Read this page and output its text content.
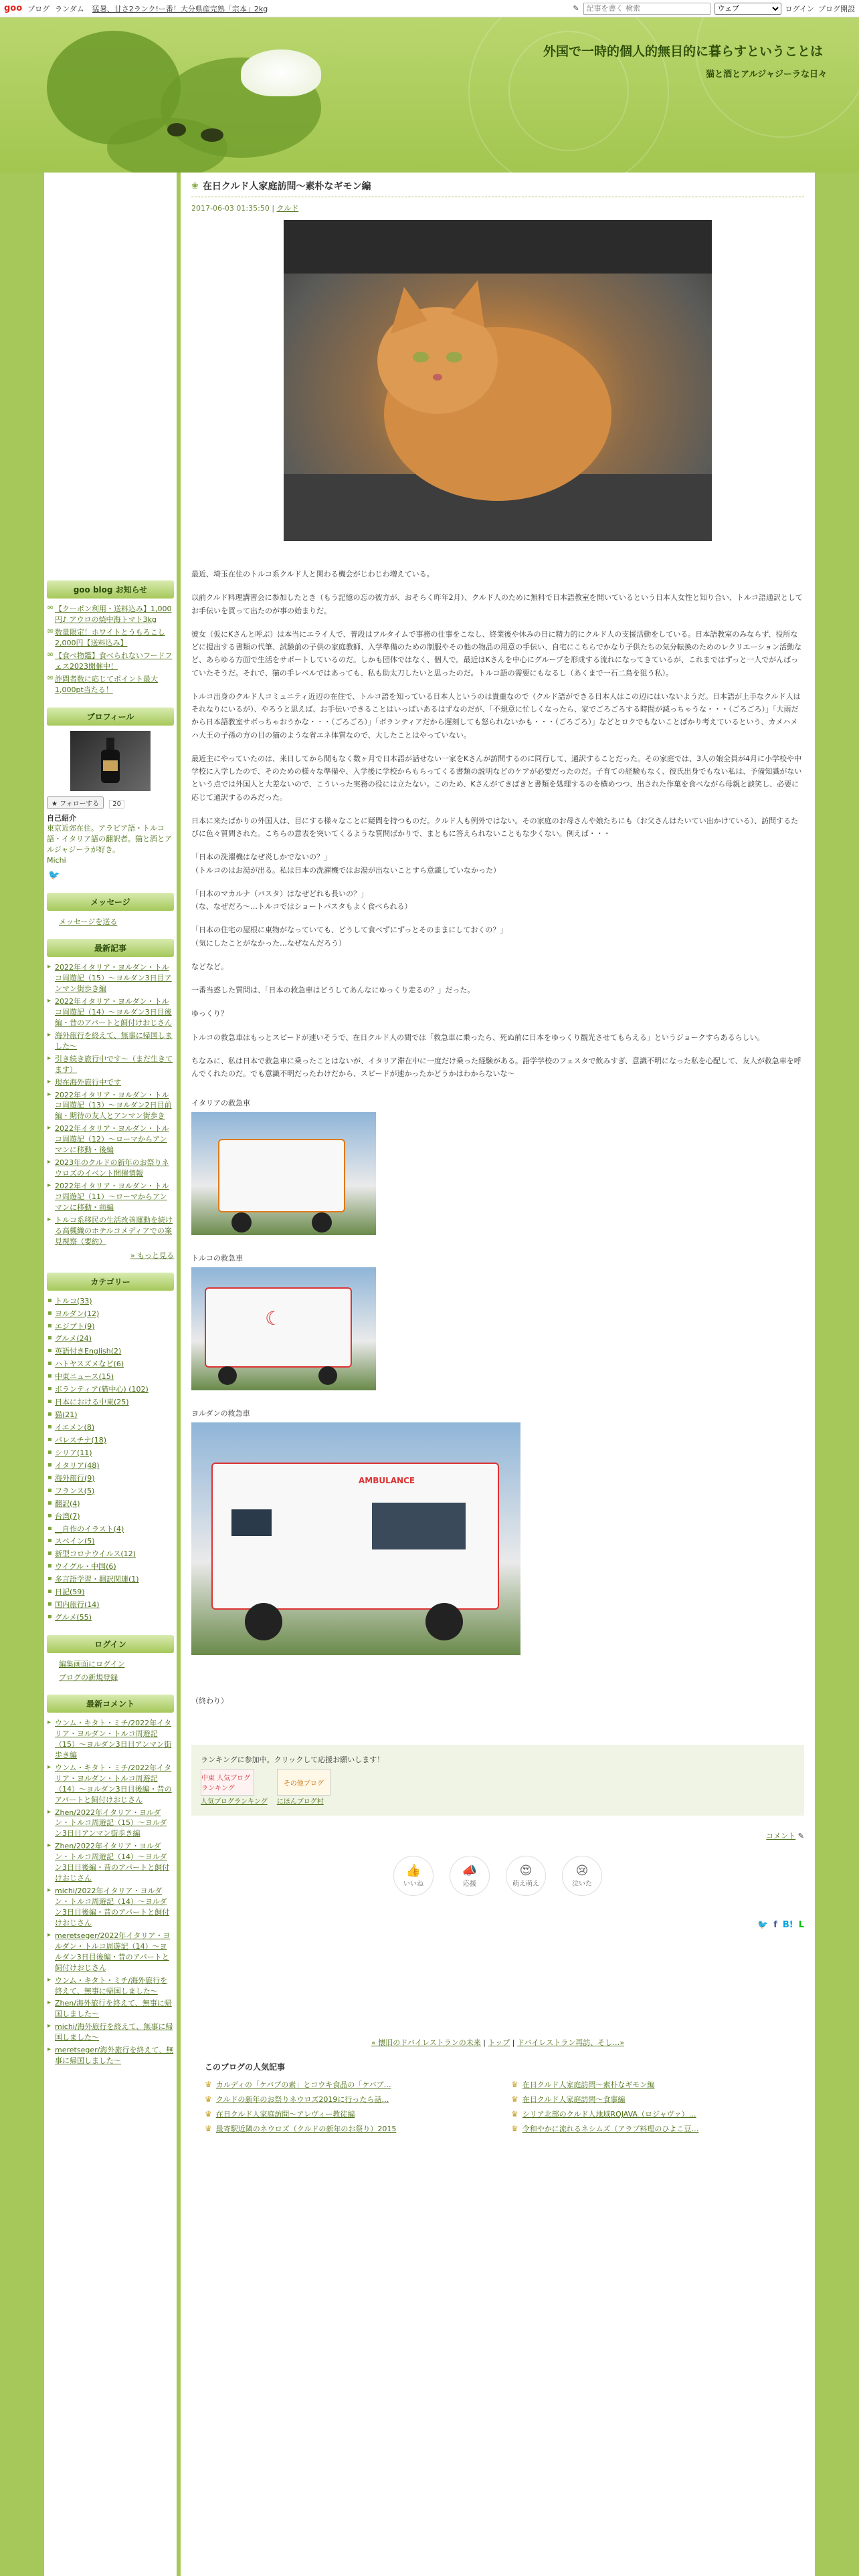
goo ブログ ランダム 猛暑、甘さ2ランク!ー番！大分県産完熟「宗本」2kg	✎
記事を書く 検索
ウェブ	ログイン ブログ開設
外国で一時的個人的無目的に暮らすということは
猫と酒とアルジャジーラな日々
goo blog お知らせ
✉ 【クーポン利用・送料込み】1,000円♪ アウロの焼中海トマト3kg
✉ 数量限定！ホワイトとうもろこし2,000円【送料込み】
✉ 【食べ物鑑】食べられないフードフェス2023開催中！
✉ 詐問者数に応じてポイント最大1,000pt当たる！
プロフィール
★ フォローする 20
自己紹介
東京近郊在住。アラビア語・トルコ語・イタリア語の翻訳者。猫と酒とアルジャジーラが好き。
Michi
🐦
メッセージ
メッセージを送る
最新記事
▸ 2022年イタリア・ヨルダン・トルコ周遊記（15）〜ヨルダン3日目アンマン街歩き編
▸ 2022年イタリア・ヨルダン・トルコ周遊記（14）〜ヨルダン3日目後編・昔のアパートと飼付けおじさん
▸ 海外旅行を終えて、無事に帰国しました〜
▸ 引き続き旅行中です〜（まだ生きてます）
▸ 現在海外旅行中です
▸ 2022年イタリア・ヨルダン・トルコ周遊記（13）〜ヨルダン2日目前編・期待の友人とアンマン街歩き
▸ 2022年イタリア・ヨルダン・トルコ周遊記（12）〜ローマからアンマンに移動・後編
▸ 2023年のクルドの新年のお祭りネウロズのイベント開催情報
▸ 2022年イタリア・ヨルダン・トルコ周遊記（11）〜ローマからアンマンに移動・前編
▸ トルコ系移民の生活改善運動を続ける高槻織のホテルコメディアでの案見視察（要約）
» もっと見る
カテゴリー
▪ トルコ(33)
▪ ヨルダン(12)
▪ エジプト(9)
▪ グルメ(24)
▪ 英語付きEnglish(2)
▪ ハトヤスズメなど(6)
▪ 中東ニュース(15)
▪ ボランティア(猫中心) (102)
▪ 日本における中東(25)
▪ 猫(21)
▪ イエメン(8)
▪ パレスチナ(18)
▪ シリア(11)
▪ イタリア(48)
▪ 海外旅行(9)
▪ フランス(5)
▪ 翻訳(4)
▪ 台湾(7)
▪ __自作のイラスト(4)
▪ スペイン(5)
▪ 新型コロナウイルス(12)
▪ ウイグル・中国(6)
▪ 多言語学習・翻訳関連(1)
▪ 日記(59)
▪ 国内旅行(14)
▪ グルメ(55)
ログイン
編集画面にログイン
ブログの新規登録
最新コメント
▸ ウンム・キタト・ミチ/2022年イタリア・ヨルダン・トルコ周遊記（15）〜ヨルダン3日目アンマン街歩き編
▸ ウンム・キタト・ミチ/2022年イタリア・ヨルダン・トルコ周遊記（14）〜ヨルダン3日目後編・昔のアパートと飼付けおじさん
▸ Zhen/2022年イタリア・ヨルダン・トルコ周遊記（15）〜ヨルダン3日目アンマン街歩き編
▸ Zhen/2022年イタリア・ヨルダン・トルコ周遊記（14）〜ヨルダン3日目後編・昔のアパートと飼付けおじさん
▸ michi/2022年イタリア・ヨルダン・トルコ周遊記（14）〜ヨルダン3日目後編・昔のアパートと飼付けおじさん
▸ meretseger/2022年イタリア・ヨルダン・トルコ周遊記（14）〜ヨルダン3日目後編・昔のアパートと飼付けおじさん
▸ ウンム・キタト・ミチ/海外旅行を終えて、無事に帰国しました〜
▸ Zhen/海外旅行を終えて、無事に帰国しました〜
▸ michi/海外旅行を終えて、無事に帰国しました〜
▸ meretseger/海外旅行を終えて、無事に帰国しました〜
❀ 在日クルド人家庭訪問〜素朴なギモン編
2017-06-03 01:35:50 | クルド

最近、埼玉在住のトルコ系クルド人と関わる機会がじわじわ増えている。

以前クルド料理講習会に参加したとき（もう記憶の忘の彼方が、おそらく昨年2月）、クルド人のために無料で日本語教室を開いているという日本人女性と知り合い、トルコ語通訳としてお手伝いを買って出たのが事の始まりだ。

彼女（仮にKさんと呼ぶ）は本当にエライ人で、普段はフルタイムで事務の仕事をこなし、終業後や休みの日に精力的にクルド人の支援活動をしている。日本語教室のみならず、役所などに提出する書類の代筆、試験前の子供の家庭教師、入学準備のための制服やその他の物品の用意の手伝い、自宅にこちらでかなり子供たちの気分転換のためのレクリエーション活動など、あらゆる方面で生活をサポートしているのだ。しかも団体ではなく、個人で。最近はKさんを中心にグループを形成する流れになってきているが、これまではずっと一人でがんばっていたそうだ。それで、猫の手レベルではあっても、私も助太刀したいと思ったのだ。トルコ語の需要にもなるし（あくまで一石二鳥を狙う私）。

トルコ出身のクルド人コミュニティ近辺の在住で、トルコ語を知っている日本人というのは貴重なので（クルド語ができる日本人はこの辺にはいないようだ。日本語が上手なクルド人はそれなりにいるが）、やろうと思えば、お手伝いできることはいっぱいあるはずなのだが、「不規意に忙しくなったら、家でごろごろする時間が減っちゃうな・・・（ごろごろ）」「大雨だから日本語教室サボっちゃおうかな・・・（ごろごろ）」「ボランティアだから遅刻しても怒られないかも・・・（ごろごろ）」などとロクでもないことばかり考えているという、カメハメハ大王の子孫の方の目の猫のような省エネ体質なので、大したことはやっていない。

最近主にやっていたのは、来日してから間もなく数ヶ月で日本語が話せない一家をKさんが訪問するのに同行して、通訳することだった。その家庭では、3人の娘全員が4月に小学校や中学校に入学したので、そのための様々な準備や、入学後に学校からもらってくる書類の説明などのケアが必要だったのだ。子育ての経験もなく、彼氏出身でもない私は、予備知識がないという点では外国人と大差ないので、こういった実務の役には立たない。このため、Kさんがてきぱきと書類を処理するのを横めつつ、出された作菓を食べながら母親と談笑し、必要に応じて通訳するのみだった。

日本に来たばかりの外国人は、目にする様々なことに疑問を持つものだ。クルド人も例外ではない。その家庭のお母さんや娘たちにも（お父さんはたいてい出かけている）、訪問するたびに色々質問された。こちらの意表を突いてくるような質問ばかりで、まともに答えられないこともな少くない。例えば・・・

「日本の洗濯機はなぜ炎しかでないの？」
（トルコのはお湯が出る。私は日本の洗濯機ではお湯が出ないことすら意識していなかった）
「日本のマカルナ（パスタ）はなぜどれも長いの？」
（な、なぜだろ〜…トルコではショートパスタもよく食べられる）
「日本の住宅の屋根に東物がなっていても、どうして食べずにずっとそのままにしておくの？」
（気にしたことがなかった…なぜなんだろう）

などなど。

一番当惑した質問は、「日本の救急車はどうしてあんなにゆっくり走るの？」だった。

ゆっくり？

トルコの救急車はもっとスピードが速いそうで、在日クルド人の間では「救急車に乗ったら、死ぬ前に日本をゆっくり観光させてもらえる」というジョークすらあるらしい。

ちなみに、私は日本で救急車に乗ったことはないが、イタリア滞在中に一度だけ乗った経験がある。語学学校のフェスタで飲みすぎ、意識不明になった私を心配して、友人が救急車を呼んでくれたのだ。でも意識不明だったわけだから、スピードが速かったかどうかはわからないな〜

イタリアの救急車
トルコの救急車
☾
ヨルダンの救急車
AMBULANCE
（終わり）
ランキングに参加中。クリックして応援お願いします！
中東 人気ブログランキング
人気ブログランキング
その他ブログ
にほんブログ村
コメント ✎
👍
いいね
📣
応援
😍
萌え萌え
😢
泣いた
🐦 f B! L
« 懐旧のドバイレストランの未来 | トップ | ドバイレストラン再訪、そし…»
このブログの人気記事
♛ カルディの「ケバブの素」とコウキ食品の「ケバブ…	♛ 在日クルド人家庭訪問〜素朴なギモン編
♛ クルドの新年のお祭りネウロズ2019に行ったら話…	♛ 在日クルド人家庭訪問〜食事編
♛ 在日クルド人家庭訪問〜アレヴィー教徒編	♛ シリア北部のクルド人地域ROJAVA（ロジャヴァ）…
♛ 最寄駅近隣のネウロズ（クルドの新年のお祭り）2015	♛ 令和やかに流れるネシムズ（アラブ料理のひよこ豆…
